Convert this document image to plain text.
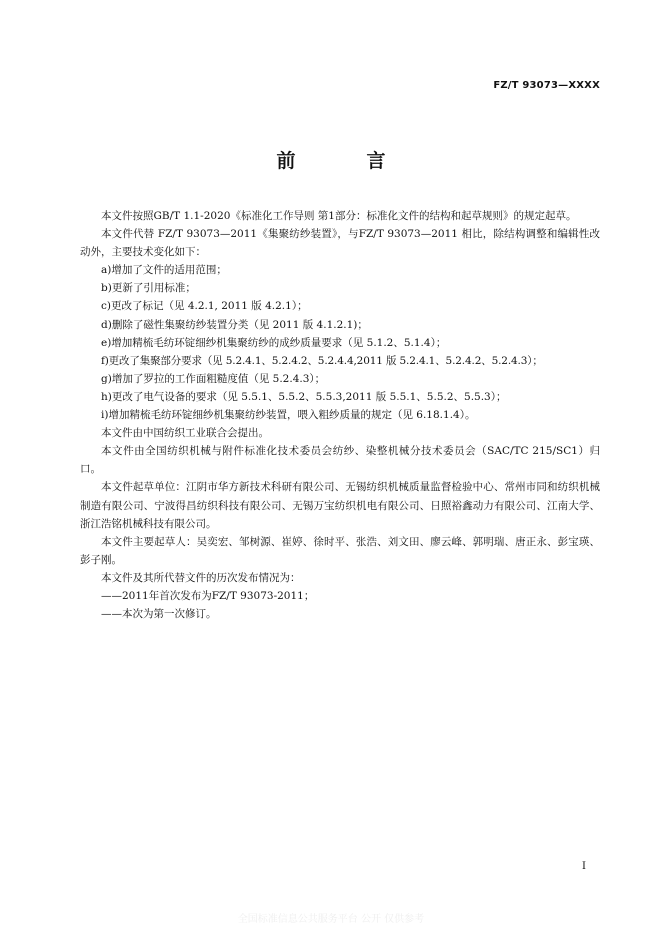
FZ/T 93073—XXXX
前　言

本文件按照GB/T 1.1-2020《标准化工作导则 第1部分：标准化文件的结构和起草规则》的规定起草。

本文件代替 FZ/T 93073—2011《集聚纺纱装置》，与FZ/T 93073—2011 相比，除结构调整和编辑性改动外，主要技术变化如下：

a)增加了文件的适用范围；

b)更新了引用标准；

c)更改了标记（见 4.2.1, 2011 版 4.2.1）；

d)删除了磁性集聚纺纱装置分类（见 2011 版 4.1.2.1)；

e)增加精梳毛纺环锭细纱机集聚纺纱的成纱质量要求（见 5.1.2、5.1.4）；

f)更改了集聚部分要求（见 5.2.4.1、5.2.4.2、5.2.4.4,2011 版 5.2.4.1、5.2.4.2、5.2.4.3）；

g)增加了罗拉的工作面粗糙度值（见 5.2.4.3）；

h)更改了电气设备的要求（见 5.5.1、5.5.2、5.5.3,2011 版 5.5.1、5.5.2、5.5.3）；

i)增加精梳毛纺环锭细纱机集聚纺纱装置，喂入粗纱质量的规定（见 6.18.1.4）。

本文件由中国纺织工业联合会提出。

本文件由全国纺织机械与附件标准化技术委员会纺纱、染整机械分技术委员会（SAC/TC 215/SC1）归口。

本文件起草单位：江阴市华方新技术科研有限公司、无锡纺织机械质量监督检验中心、常州市同和纺织机械制造有限公司、宁波得昌纺织科技有限公司、无锡万宝纺织机电有限公司、日照裕鑫动力有限公司、江南大学、浙江浩铭机械科技有限公司。

本文件主要起草人：吴奕宏、邹树源、崔婷、徐时平、张浩、刘文田、廖云峰、郭明瑞、唐正永、彭宝瑛、彭子刚。

本文件及其所代替文件的历次发布情况为：

——2011年首次发布为FZ/T 93073-2011；

——本次为第一次修订。

I
全国标准信息公共服务平台 公开 仅供参考
